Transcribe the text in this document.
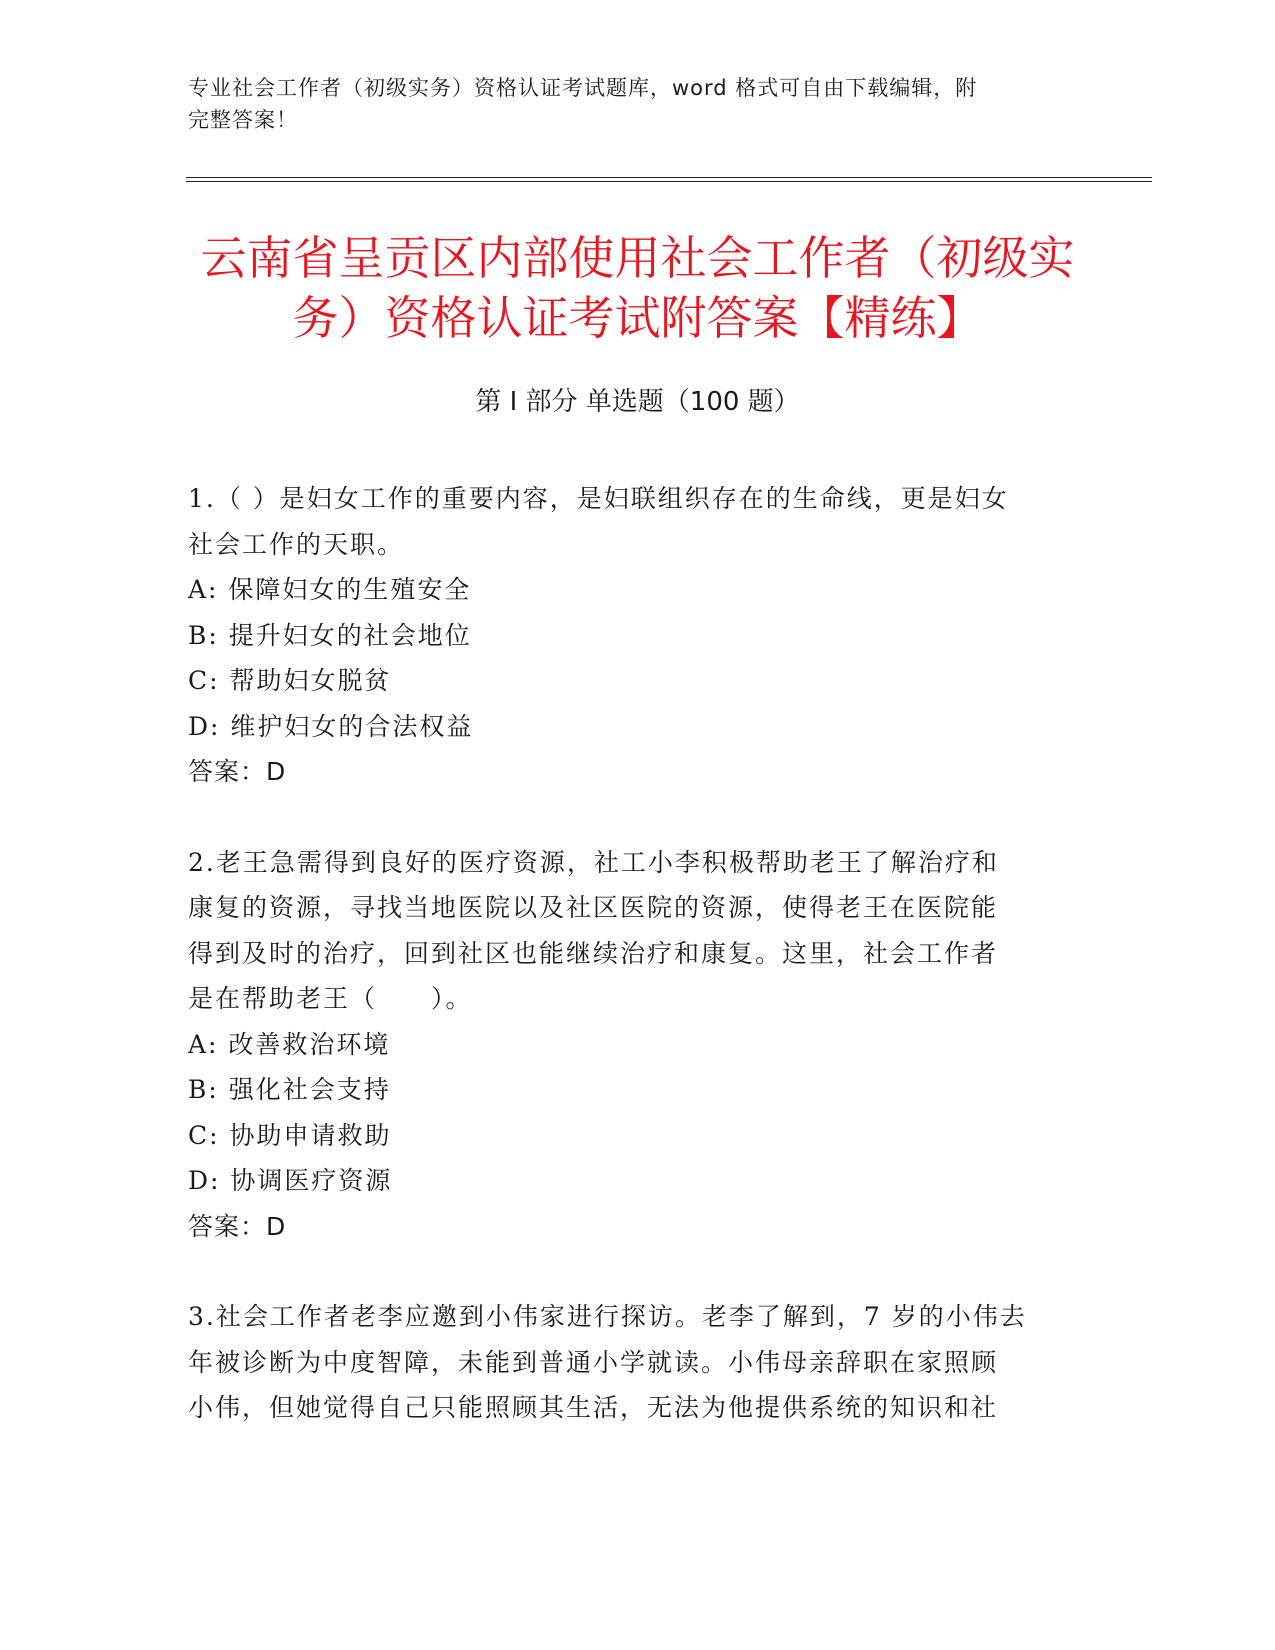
专业社会工作者（初级实务）资格认证考试题库，word 格式可自由下载编辑，附
完整答案！
云南省呈贡区内部使用社会工作者（初级实
务）资格认证考试附答案【精练】
第 I 部分 单选题（100 题）
1.（ ）是妇女工作的重要内容，是妇联组织存在的生命线，更是妇女
社会工作的天职。
A: 保障妇女的生殖安全
B: 提升妇女的社会地位
C: 帮助妇女脱贫
D: 维护妇女的合法权益
答案：D
2.老王急需得到良好的医疗资源，社工小李积极帮助老王了解治疗和
康复的资源，寻找当地医院以及社区医院的资源，使得老王在医院能
得到及时的治疗，回到社区也能继续治疗和康复。这里，社会工作者
是在帮助老王（　　）。
A: 改善救治环境
B: 强化社会支持
C: 协助申请救助
D: 协调医疗资源
答案：D
3.社会工作者老李应邀到小伟家进行探访。老李了解到，7 岁的小伟去
年被诊断为中度智障，未能到普通小学就读。小伟母亲辞职在家照顾
小伟，但她觉得自己只能照顾其生活，无法为他提供系统的知识和社
